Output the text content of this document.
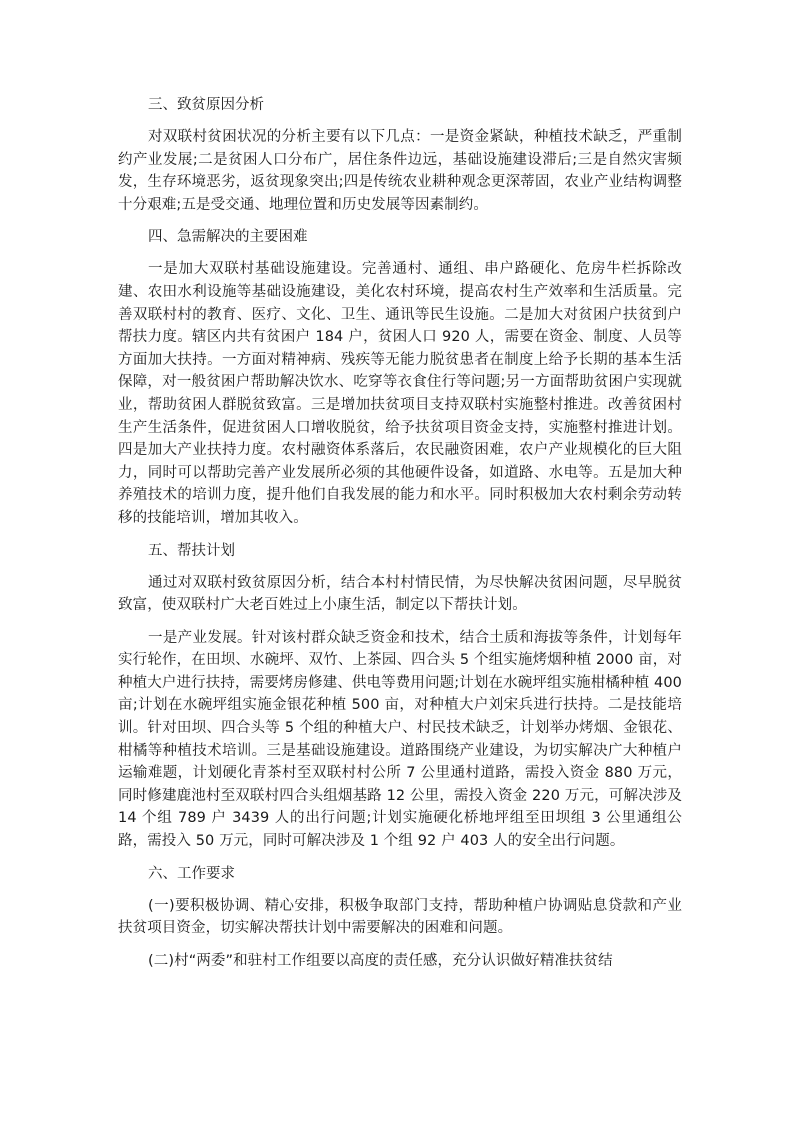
三、致贫原因分析

对双联村贫困状况的分析主要有以下几点：一是资金紧缺，种植技术缺乏，严重制约产业发展;二是贫困人口分布广，居住条件边远，基础设施建设滞后;三是自然灾害频发，生存环境恶劣，返贫现象突出;四是传统农业耕种观念更深蒂固，农业产业结构调整十分艰难;五是受交通、地理位置和历史发展等因素制约。

四、急需解决的主要困难

一是加大双联村基础设施建设。完善通村、通组、串户路硬化、危房牛栏拆除改建、农田水利设施等基础设施建设，美化农村环境，提高农村生产效率和生活质量。完善双联村村的教育、医疗、文化、卫生、通讯等民生设施。二是加大对贫困户扶贫到户帮扶力度。辖区内共有贫困户 184 户，贫困人口 920 人，需要在资金、制度、人员等方面加大扶持。一方面对精神病、残疾等无能力脱贫患者在制度上给予长期的基本生活保障，对一般贫困户帮助解决饮水、吃穿等衣食住行等问题;另一方面帮助贫困户实现就业，帮助贫困人群脱贫致富。三是增加扶贫项目支持双联村实施整村推进。改善贫困村生产生活条件，促进贫困人口增收脱贫，给予扶贫项目资金支持，实施整村推进计划。四是加大产业扶持力度。农村融资体系落后，农民融资困难，农户产业规模化的巨大阻力，同时可以帮助完善产业发展所必须的其他硬件设备，如道路、水电等。五是加大种养殖技术的培训力度，提升他们自我发展的能力和水平。同时积极加大农村剩余劳动转移的技能培训，增加其收入。

五、帮扶计划

通过对双联村致贫原因分析，结合本村村情民情，为尽快解决贫困问题，尽早脱贫致富，使双联村广大老百姓过上小康生活，制定以下帮扶计划。

一是产业发展。针对该村群众缺乏资金和技术，结合土质和海拔等条件，计划每年实行轮作，在田坝、水碗坪、双竹、上茶园、四合头 5 个组实施烤烟种植 2000 亩，对种植大户进行扶持，需要烤房修建、供电等费用问题;计划在水碗坪组实施柑橘种植 400 亩;计划在水碗坪组实施金银花种植 500 亩，对种植大户刘宋兵进行扶持。二是技能培训。针对田坝、四合头等 5 个组的种植大户、村民技术缺乏，计划举办烤烟、金银花、柑橘等种植技术培训。三是基础设施建设。道路围绕产业建设，为切实解决广大种植户运输难题，计划硬化青茶村至双联村村公所 7 公里通村道路，需投入资金 880 万元，同时修建鹿池村至双联村四合头组烟基路 12 公里，需投入资金 220 万元，可解决涉及 14 个组 789 户 3439 人的出行问题;计划实施硬化桥地坪组至田坝组 3 公里通组公路，需投入 50 万元，同时可解决涉及 1 个组 92 户 403 人的安全出行问题。

六、工作要求

(一)要积极协调、精心安排，积极争取部门支持，帮助种植户协调贴息贷款和产业扶贫项目资金，切实解决帮扶计划中需要解决的困难和问题。

(二)村“两委”和驻村工作组要以高度的责任感，充分认识做好精准扶贫结
